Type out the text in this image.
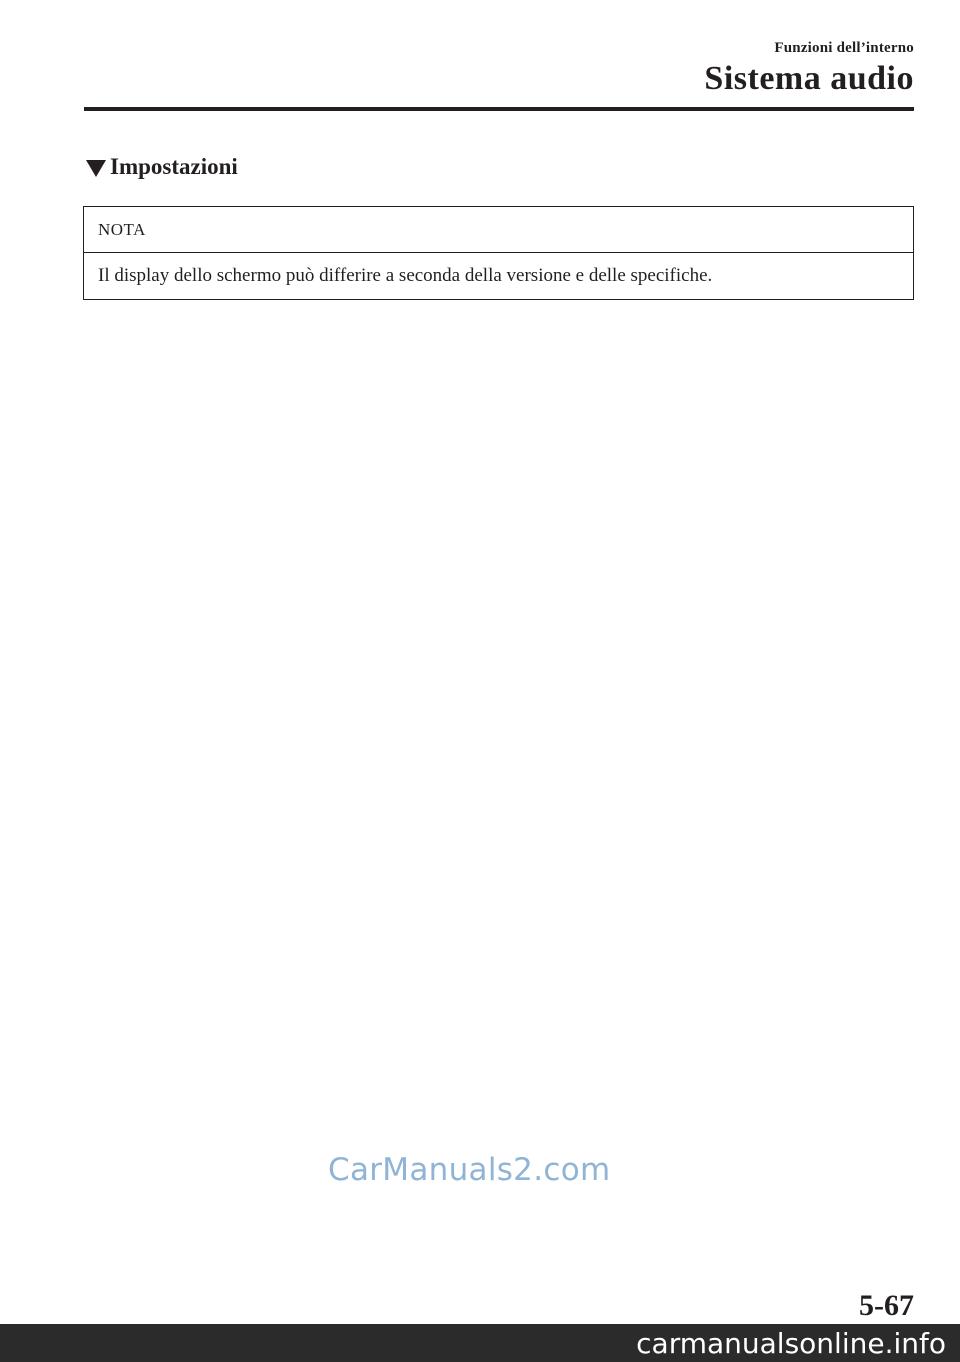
Funzioni dell’interno
Sistema audio
Impostazioni
NOTA
Il display dello schermo può differire a seconda della versione e delle specifiche.
CarManuals2.com
5-67
carmanualsonline.info
